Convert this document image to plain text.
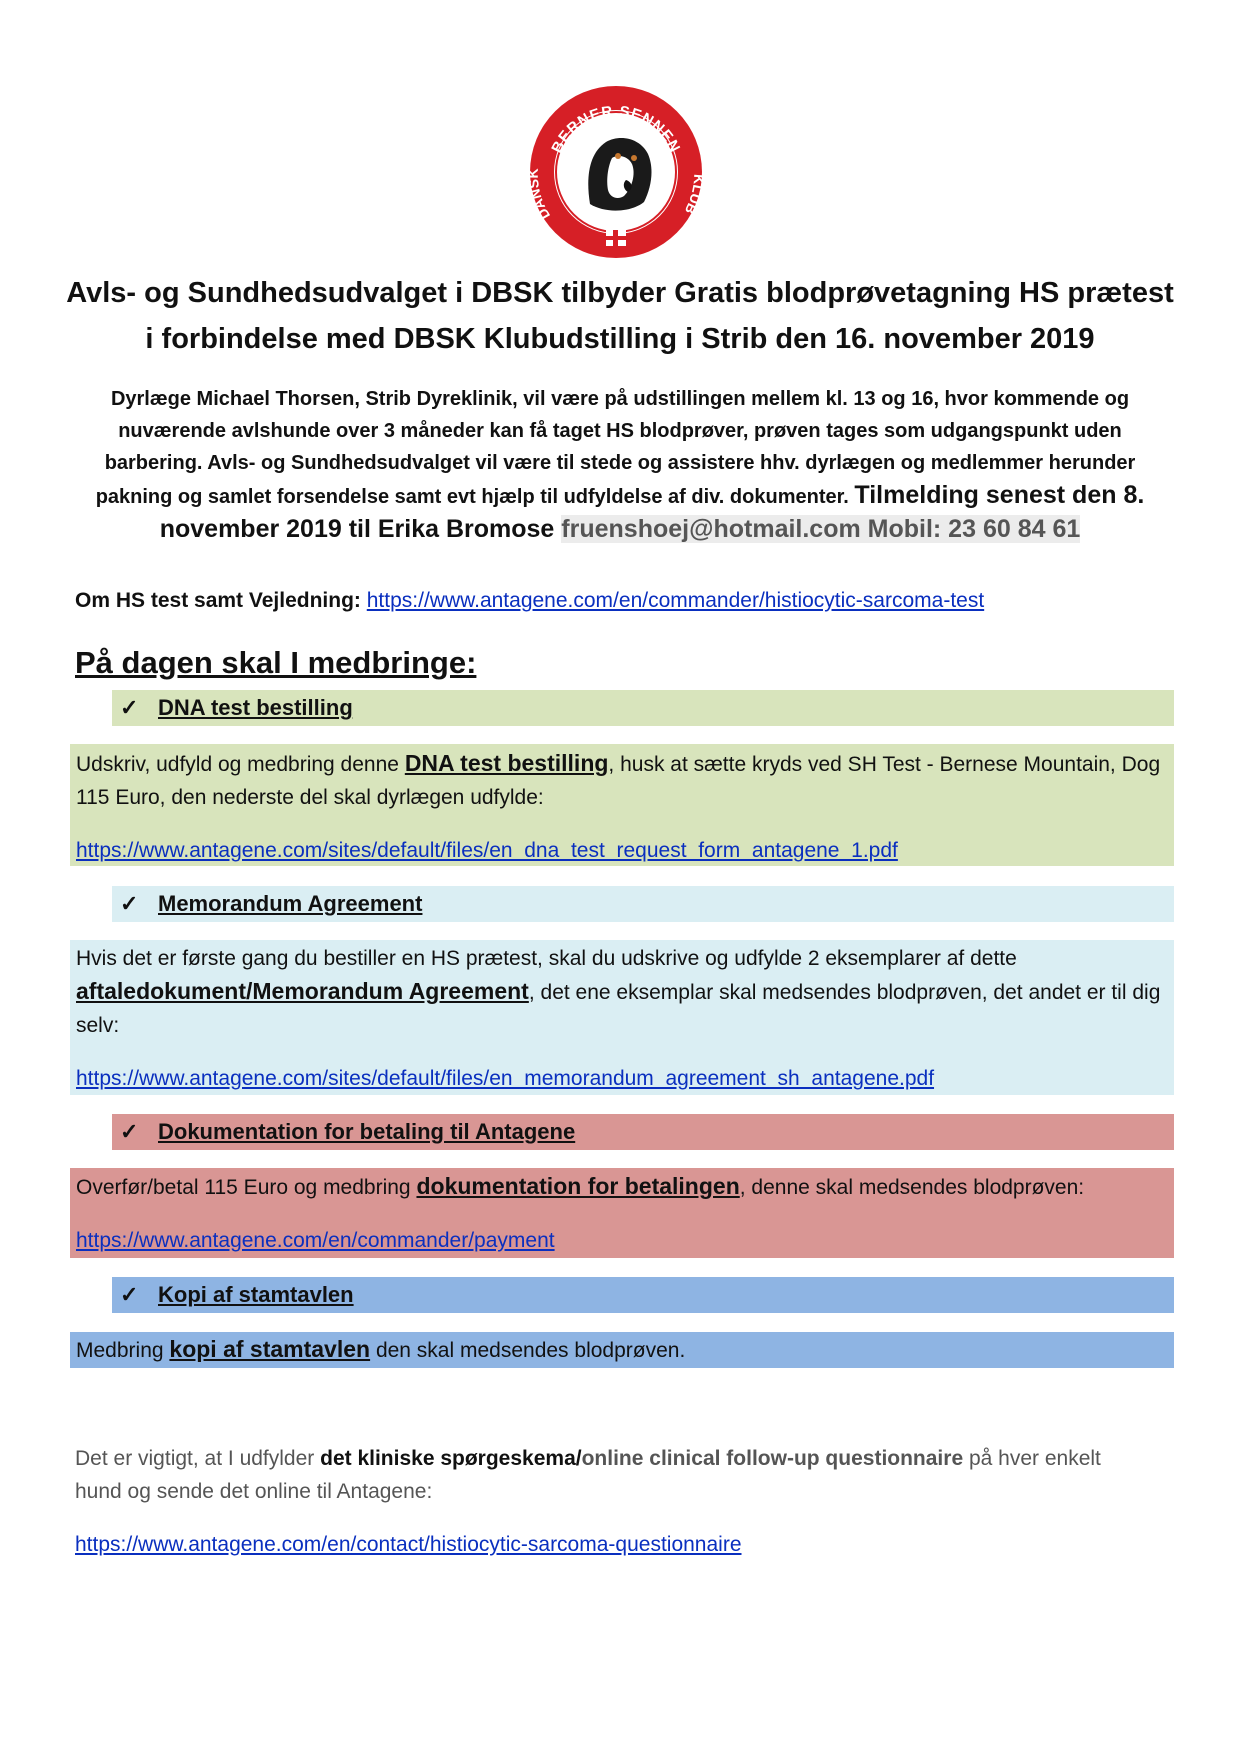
BERNER SENNEN
DAN	UB
Avls- og Sundhedsudvalget i DBSK tilbyder Gratis blodprøvetagning HS prætest
i forbindelse med DBSK Klubudstilling i Strib den 16. november 2019
Dyrlæge Michael Thorsen, Strib Dyreklinik, vil være på udstillingen mellem kl. 13 og 16, hvor kommende og
nuværende avlshunde over 3 måneder kan få taget HS blodprøver, prøven tages som udgangspunkt uden
barbering. Avls- og Sundhedsudvalget vil være til stede og assistere hhv. dyrlægen og medlemmer herunder
pakning og samlet forsendelse samt evt hjælp til udfyldelse af div. dokumenter. Tilmelding senest den 8.
november 2019 til Erika Bromose fruenshoej@hotmail.com Mobil: 23 60 84 61
Om HS test samt Vejledning: https://www.antagene.com/en/commander/histiocytic-sarcoma-test
På dagen skal I medbringe:
✓ DNA test bestilling
Udskriv, udfyld og medbring denne DNA test bestilling, husk at sætte kryds ved SH Test - Bernese Mountain, Dog
115 Euro, den nederste del skal dyrlægen udfylde:
https://www.antagene.com/sites/default/files/en_dna_test_request_form_antagene_1.pdf
✓ Memorandum Agreement
Hvis det er første gang du bestiller en HS prætest, skal du udskrive og udfylde 2 eksemplarer af dette
aftaledokument/Memorandum Agreement, det ene eksemplar skal medsendes blodprøven, det andet er til dig
selv:
https://www.antagene.com/sites/default/files/en_memorandum_agreement_sh_antagene.pdf
✓ Dokumentation for betaling til Antagene
Overfør/betal 115 Euro og medbring dokumentation for betalingen, denne skal medsendes blodprøven:
https://www.antagene.com/en/commander/payment
✓ Kopi af stamtavlen
Medbring kopi af stamtavlen den skal medsendes blodprøven.
Det er vigtigt, at I udfylder det kliniske spørgeskema/online clinical follow-up questionnaire på hver enkelt
hund og sende det online til Antagene:
https://www.antagene.com/en/contact/histiocytic-sarcoma-questionnaire
